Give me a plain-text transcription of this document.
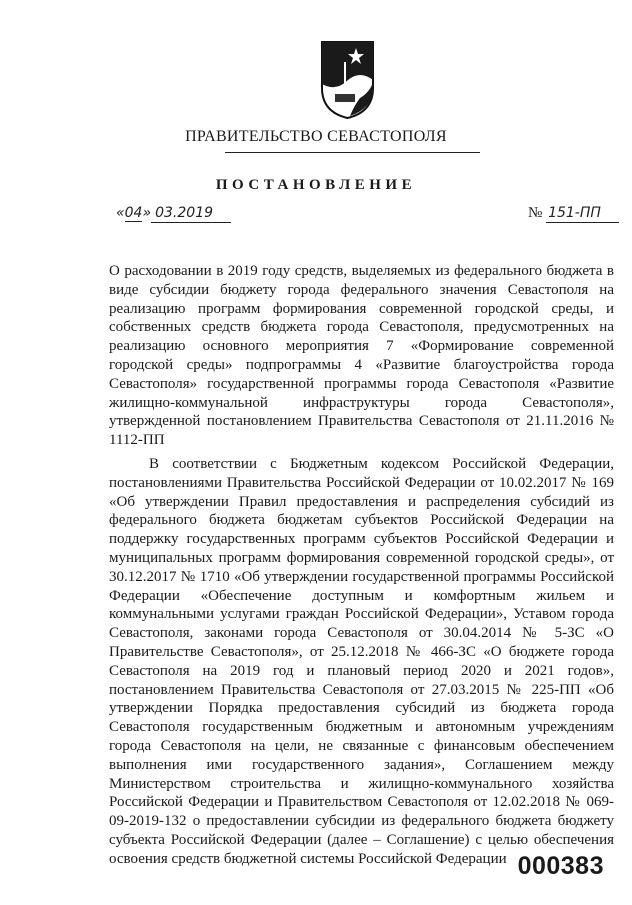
ПРАВИТЕЛЬСТВО СЕВАСТОПОЛЯ
ПОСТАНОВЛЕНИЕ
«04» 03.2019	№ 151-ПП
О расходовании в 2019 году средств, выделяемых из федерального бюджета в виде субсидии бюджету города федерального значения Севастополя на реализацию программ формирования современной городской среды, и собственных средств бюджета города Севастополя, предусмотренных на реализацию основного мероприятия 7 «Формирование современной городской среды» подпрограммы 4 «Развитие благоустройства города Севастополя» государственной программы города Севастополя «Развитие жилищно-коммунальной инфраструктуры города Севастополя», утвержденной постановлением Правительства Севастополя от 21.11.2016 № 1112-ПП
В соответствии с Бюджетным кодексом Российской Федерации, постановлениями Правительства Российской Федерации от 10.02.2017 № 169 «Об утверждении Правил предоставления и распределения субсидий из федерального бюджета бюджетам субъектов Российской Федерации на поддержку государственных программ субъектов Российской Федерации и муниципальных программ формирования современной городской среды», от 30.12.2017 № 1710 «Об утверждении государственной программы Российской Федерации «Обеспечение доступным и комфортным жильем и коммунальными услугами граждан Российской Федерации», Уставом города Севастополя, законами города Севастополя от 30.04.2014 № 5-ЗС «О Правительстве Севастополя», от 25.12.2018 № 466-ЗС «О бюджете города Севастополя на 2019 год и плановый период 2020 и 2021 годов», постановлением Правительства Севастополя от 27.03.2015 № 225-ПП «Об утверждении Порядка предоставления субсидий из бюджета города Севастополя государственным бюджетным и автономным учреждениям города Севастополя на цели, не связанные с финансовым обеспечением выполнения ими государственного задания», Соглашением между Министерством строительства и жилищно-коммунального хозяйства Российской Федерации и Правительством Севастополя от 12.02.2018 № 069-09-2019-132 о предоставлении субсидии из федерального бюджета бюджету субъекта Российской Федерации (далее – Соглашение) с целью обеспечения освоения средств бюджетной системы Российской Федерации 000383
